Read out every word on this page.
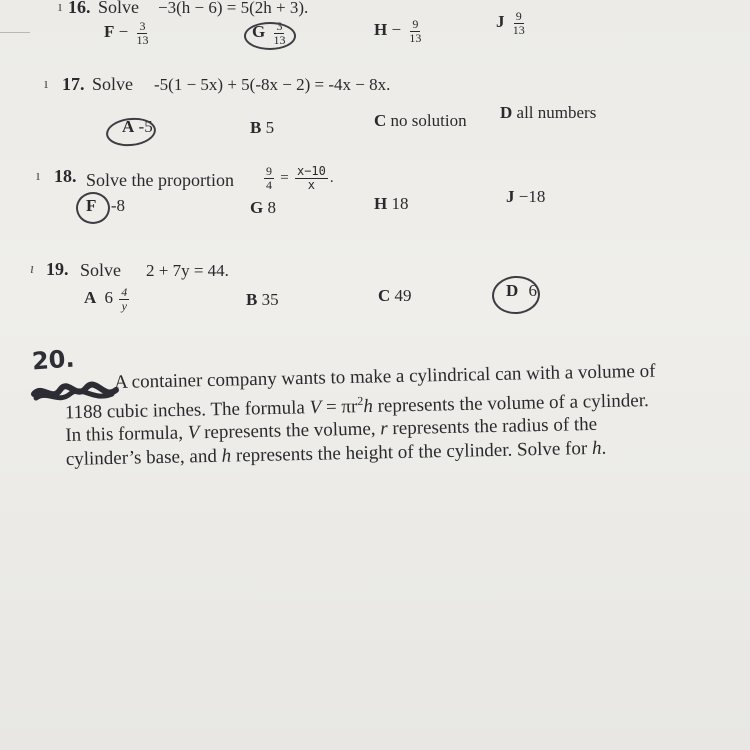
ı 16. Solve −3(h − 6) = 5(2h + 3).
$F - \frac{3}{13}$	G $\frac{3}{13}$	$H - \frac{9}{13}$	J $\frac{9}{13}$
ı 17. Solve -5(1 − 5x) + 5(-8x − 2) = -4x − 8x.
A -5	B 5	C no solution D all numbers
ı 18. Solve the proportion	$\frac{9}{4} = \frac{x-10}{x}$ .
F -8	G 8	H 18	J −18
ı 19. Solve 2 + 7y = 44.
A $6 \frac{4}{y}$	B 35	C 49	D 6
20.
A container company wants to make a cylindrical can with a volume of
1188 cubic inches. The formula $V = \pi r^2h$ represents the volume of a cylinder.
In this formula, V represents the volume, r represents the radius of the
cylinder’s base, and h represents the height of the cylinder. Solve for h.
